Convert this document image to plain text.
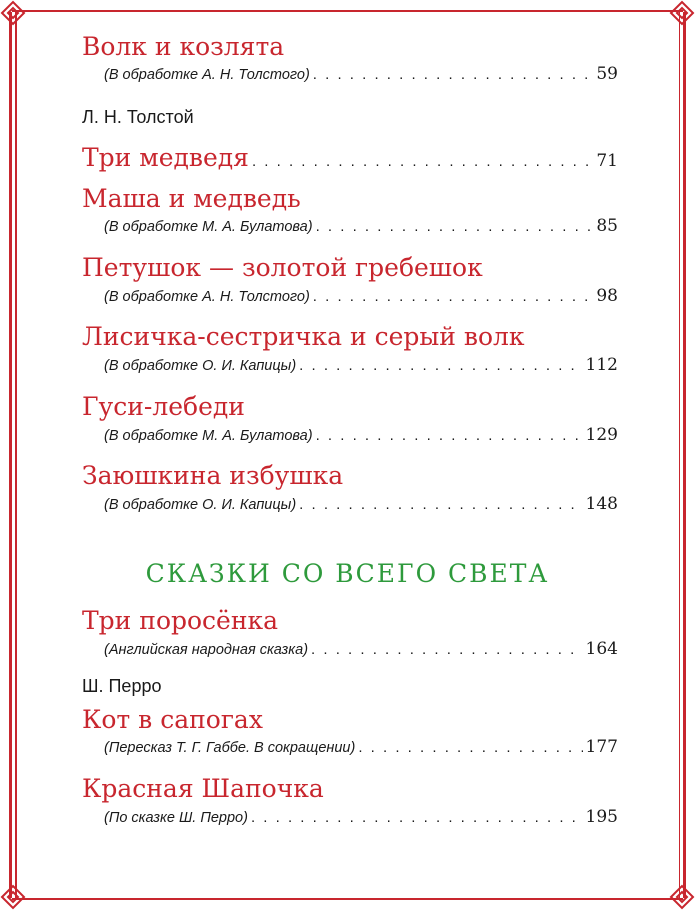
Волк и козлята
(В обработке А. Н. Толстого) . . .	59
Л. Н. Толстой
Три медведя . . .	71
Маша и медведь
(В обработке М. А. Булатова) . . .	85
Петушок — золотой гребешок
(В обработке А. Н. Толстого) . . .	98
Лисичка-сестричка и серый волк
(В обработке О. И. Капицы) . . .	112
Гуси-лебеди
(В обработке М. А. Булатова) . . .	129
Заюшкина избушка
(В обработке О. И. Капицы) . . .	148
СКАЗКИ СО ВСЕГО СВЕТА
Три поросёнка
(Английская народная сказка) . . .	164
Ш. Перро
Кот в сапогах
(Пересказ Т. Г. Габбе. В сокращении) . . .	177
Красная Шапочка
(По сказке Ш. Перро) . . .	195
